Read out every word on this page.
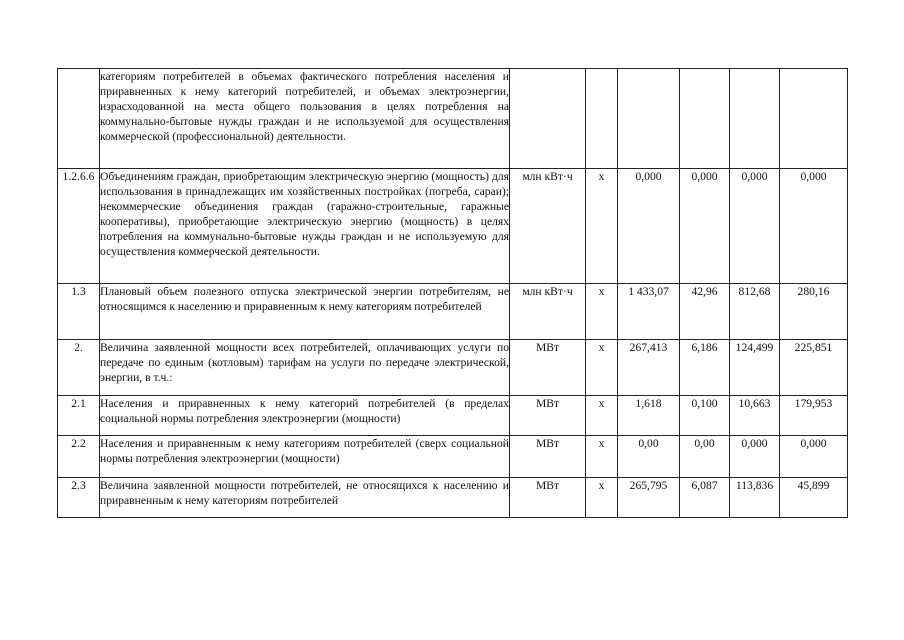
	категориям потребителей в объемах фактического потребления населения и приравненных к нему категорий потребителей, и объемах электроэнергии, израсходованной на места общего пользования в целях потребления на коммунально-бытовые нужды граждан и не используемой для осуществления коммерческой (профессиональной) деятельности.						
1.2.6.6	Объединениям граждан, приобретающим электрическую энергию (мощность) для использования в принадлежащих им хозяйственных постройках (погреба, сараи); некоммерческие объединения граждан (гаражно-строительные, гаражные кооперативы), приобретающие электрическую энергию (мощность) в целях потребления на коммунально-бытовые нужды граждан и не используемую для осуществления коммерческой деятельности.	млн кВт·ч	х	0,000	0,000	0,000	0,000
1.3	Плановый объем полезного отпуска электрической энергии потребителям, не относящимся к населению и приравненным к нему категориям потребителей	млн кВт·ч	х	1 433,07	42,96	812,68	280,16
2.	Величина заявленной мощности всех потребителей, оплачивающих услуги по передаче по единым (котловым) тарифам на услуги по передаче электрической, энергии, в т.ч.:	МВт	х	267,413	6,186	124,499	225,851
2.1	Населения и приравненных к нему категорий потребителей (в пределах социальной нормы потребления электроэнергии (мощности)	МВт	х	1,618	0,100	10,663	179,953
2.2	Населения и приравненным к нему категориям потребителей (сверх социальной нормы потребления электроэнергии (мощности)	МВт	х	0,00	0,00	0,000	0,000
2.3	Величина заявленной мощности потребителей, не относящихся к населению и приравненным к нему категориям потребителей	МВт	х	265,795	6,087	113,836	45,899
